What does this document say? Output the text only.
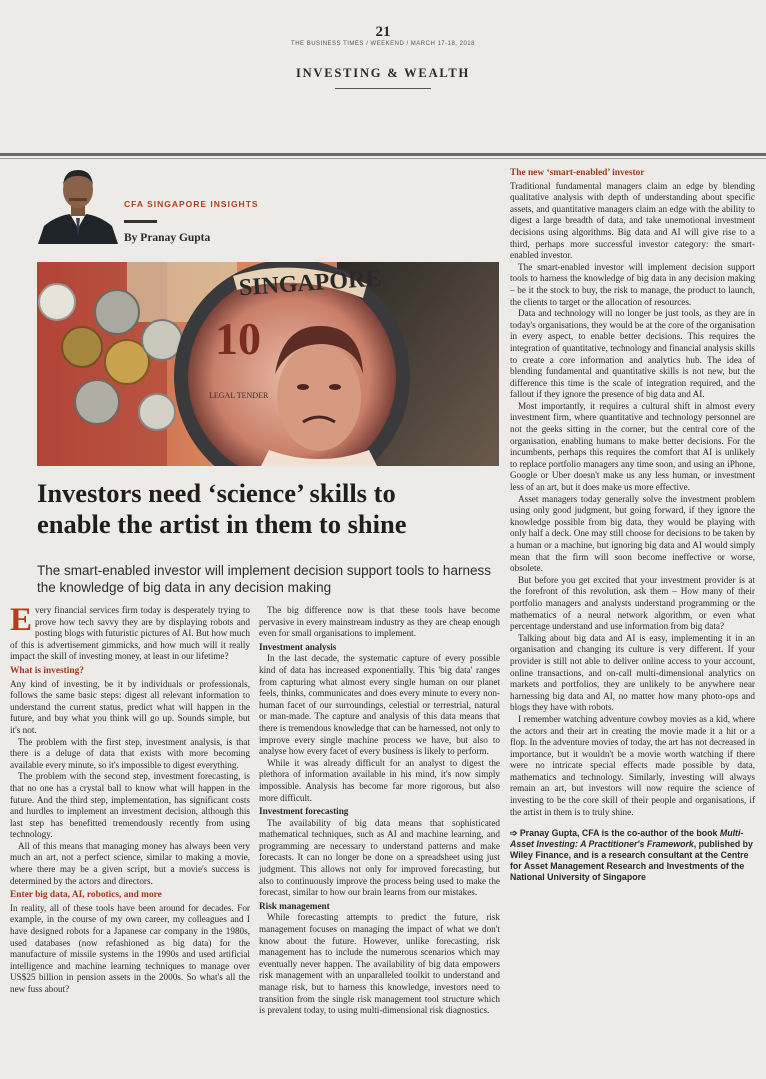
21
THE BUSINESS TIMES / WEEKEND / MARCH 17-18, 2018
INVESTING & WEALTH
CFA SINGAPORE INSIGHTS
By Pranay Gupta
SINGAPORE
10
LEGAL TENDER
Investors need ‘science’ skills to
enable the artist in them to shine
The smart-enabled investor will implement decision support tools to harness the knowledge of big data in any decision making

Every financial services firm today is desperately trying to prove how tech savvy they are by displaying robots and posting blogs with futuristic pictures of AI. But how much of this is advertisement gimmicks, and how much will it really impact the skill of investing money, at least in our lifetime?

What is investing?

Any kind of investing, be it by individuals or professionals, follows the same basic steps: digest all relevant information to understand the current status, predict what will happen in the future, and buy what you think will go up. Sounds simple, but it's not.

The problem with the first step, investment analysis, is that there is a deluge of data that exists with more becoming available every minute, so it's impossible to digest everything.

The problem with the second step, investment forecasting, is that no one has a crystal ball to know what will happen in the future. And the third step, implementation, has significant costs and hurdles to implement an investment decision, although this last step has benefitted tremendously recently from using technology.

All of this means that managing money has always been very much an art, not a perfect science, similar to making a movie, where there may be a given script, but a movie's success is determined by the actors and directors.

Enter big data, AI, robotics, and more

In reality, all of these tools have been around for decades. For example, in the course of my own career, my colleagues and I have designed robots for a Japanese car company in the 1980s, used databases (now refashioned as big data) for the manufacture of missile systems in the 1990s and used artificial intelligence and machine learning techniques to manage over US$25 billion in pension assets in the 2000s. So what's all the new fuss about?

The big difference now is that these tools have become pervasive in every mainstream industry as they are cheap enough even for small organisations to implement.

Investment analysis

In the last decade, the systematic capture of every possible kind of data has increased exponentially. This 'big data' ranges from capturing what almost every single human on our planet feels, thinks, communicates and does every minute to every non-human facet of our surroundings, celestial or terrestrial, natural or man-made. The capture and analysis of this data means that there is tremendous knowledge that can be harnessed, not only to improve every single machine process we have, but also to analyse how every facet of every business is likely to perform.

While it was already difficult for an analyst to digest the plethora of information available in his mind, it's now simply impossible. Analysis has become far more rigorous, but also more difficult.

Investment forecasting

The availability of big data means that sophisticated mathematical techniques, such as AI and machine learning, and programming are necessary to understand patterns and make forecasts. It can no longer be done on a spreadsheet using just judgment. This allows not only for improved forecasting, but also to continuously improve the process being used to make the forecast, similar to how our brain learns from our mistakes.

Risk management

While forecasting attempts to predict the future, risk management focuses on managing the impact of what we don't know about the future. However, unlike forecasting, risk management has to include the numerous scenarios which may eventually never happen. The availability of big data empowers risk management with an unparalleled toolkit to understand and manage risk, but to harness this knowledge, investors need to transition from the single risk management tool structure which is prevalent today, to using multi-dimensional risk diagnostics.

The new ‘smart-enabled’ investor

Traditional fundamental managers claim an edge by blending qualitative analysis with depth of understanding about specific assets, and quantitative managers claim an edge with the ability to digest a large breadth of data, and take unemotional investment decisions using algorithms. Big data and AI will give rise to a third, perhaps more successful investor category: the smart-enabled investor.

The smart-enabled investor will implement decision support tools to harness the knowledge of big data in any decision making – be it the stock to buy, the risk to manage, the product to launch, the clients to target or the allocation of resources.

Data and technology will no longer be just tools, as they are in today's organisations, they would be at the core of the organisation in every aspect, to enable better decisions. This requires the integration of quantitative, technology and financial analysis skills to create a core information and analytics hub. The idea of blending fundamental and quantitative skills is not new, but the difference this time is the scale of integration required, and the fallout if they ignore the presence of big data and AI.

Most importantly, it requires a cultural shift in almost every investment firm, where quantitative and technology personnel are not the geeks sitting in the corner, but the central core of the organisation, enabling humans to make better decisions. For the incumbents, perhaps this requires the comfort that AI is unlikely to replace portfolio managers any time soon, and using an iPhone, Google or Uber doesn't make us any less human, or investment less of an art, but it does make us more effective.

Asset managers today generally solve the investment problem using only good judgment, but going forward, if they ignore the knowledge possible from big data, they would be playing with only half a deck. One may still choose for decisions to be taken by a human or a machine, but ignoring big data and AI would simply mean that the firm will soon become ineffective or worse, obsolete.

But before you get excited that your investment provider is at the forefront of this revolution, ask them – How many of their portfolio managers and analysts understand programming or the mathematics of a neural network algorithm, or even what percentage understand and use information from big data?

Talking about big data and AI is easy, implementing it in an organisation and changing its culture is very different. If your provider is still not able to deliver online access to your account, online transactions, and on-call multi-dimensional analytics on markets and portfolios, they are unlikely to be anywhere near harnessing big data and AI, no matter how many photo-ops and blogs they have with robots.

I remember watching adventure cowboy movies as a kid, where the actors and their art in creating the movie made it a hit or a flop. In the adventure movies of today, the art has not decreased in importance, but it wouldn't be a movie worth watching if there were no intricate special effects made possible by data, mathematics and technology. Similarly, investing will always remain an art, but investors will now require the science of investing to be the core skill of their people and organisations, if the artist in them is to truly shine.

➩ Pranay Gupta, CFA is the co-author of the book Multi-Asset Investing: A Practitioner's Framework, published by Wiley Finance, and is a research consultant at the Centre for Asset Management Research and Investments of the National University of Singapore
